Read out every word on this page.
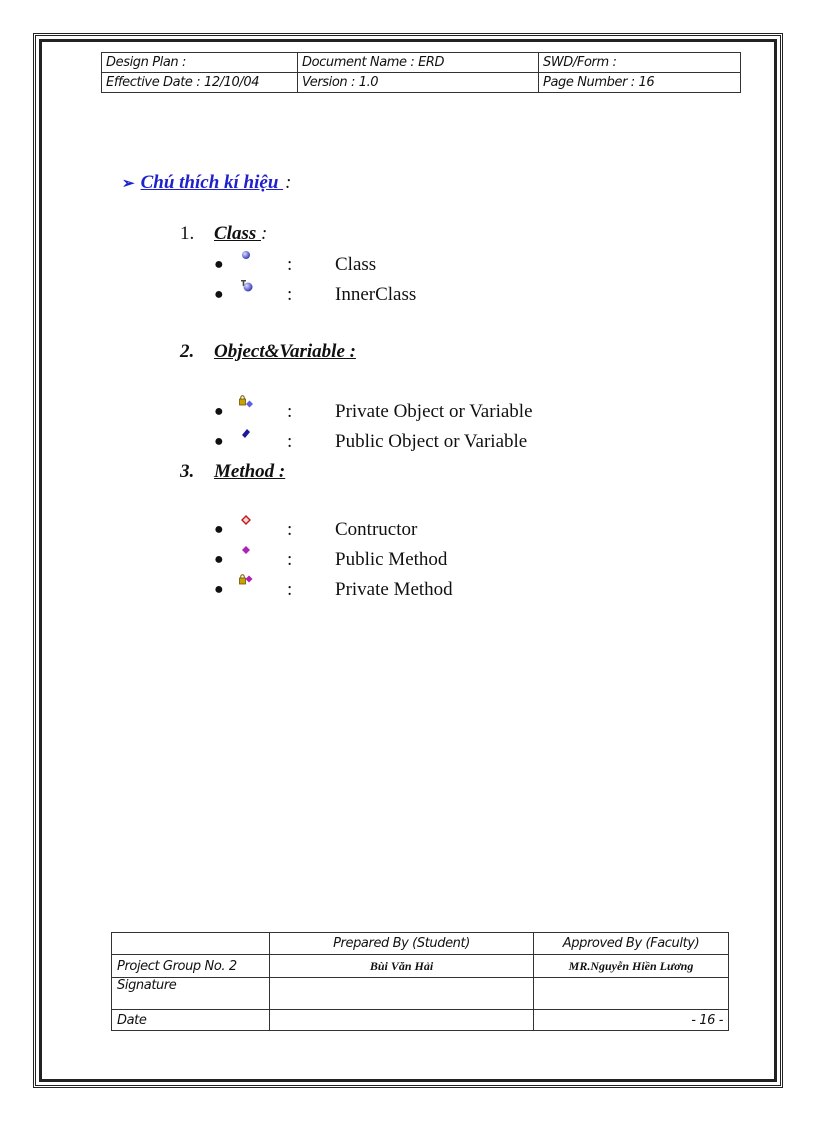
Design Plan :	Document Name : ERD	SWD/Form :
Effective Date : 12/10/04	Version : 1.0	Page Number : 16
➢ Chú thích kí hiệu :
1. Class :
●	: Class
●	: InnerClass
2. Object&Variable :
●	: Private Object or Variable
●	: Public Object or Variable
3. Method :
●	: Contructor
●	: Public Method
●	: Private Method
	Prepared By (Student)	Approved By (Faculty)
Project Group No. 2	Bùi Văn Hải	MR.Nguyễn Hiền Lương
Signature		
Date		- 16 -
